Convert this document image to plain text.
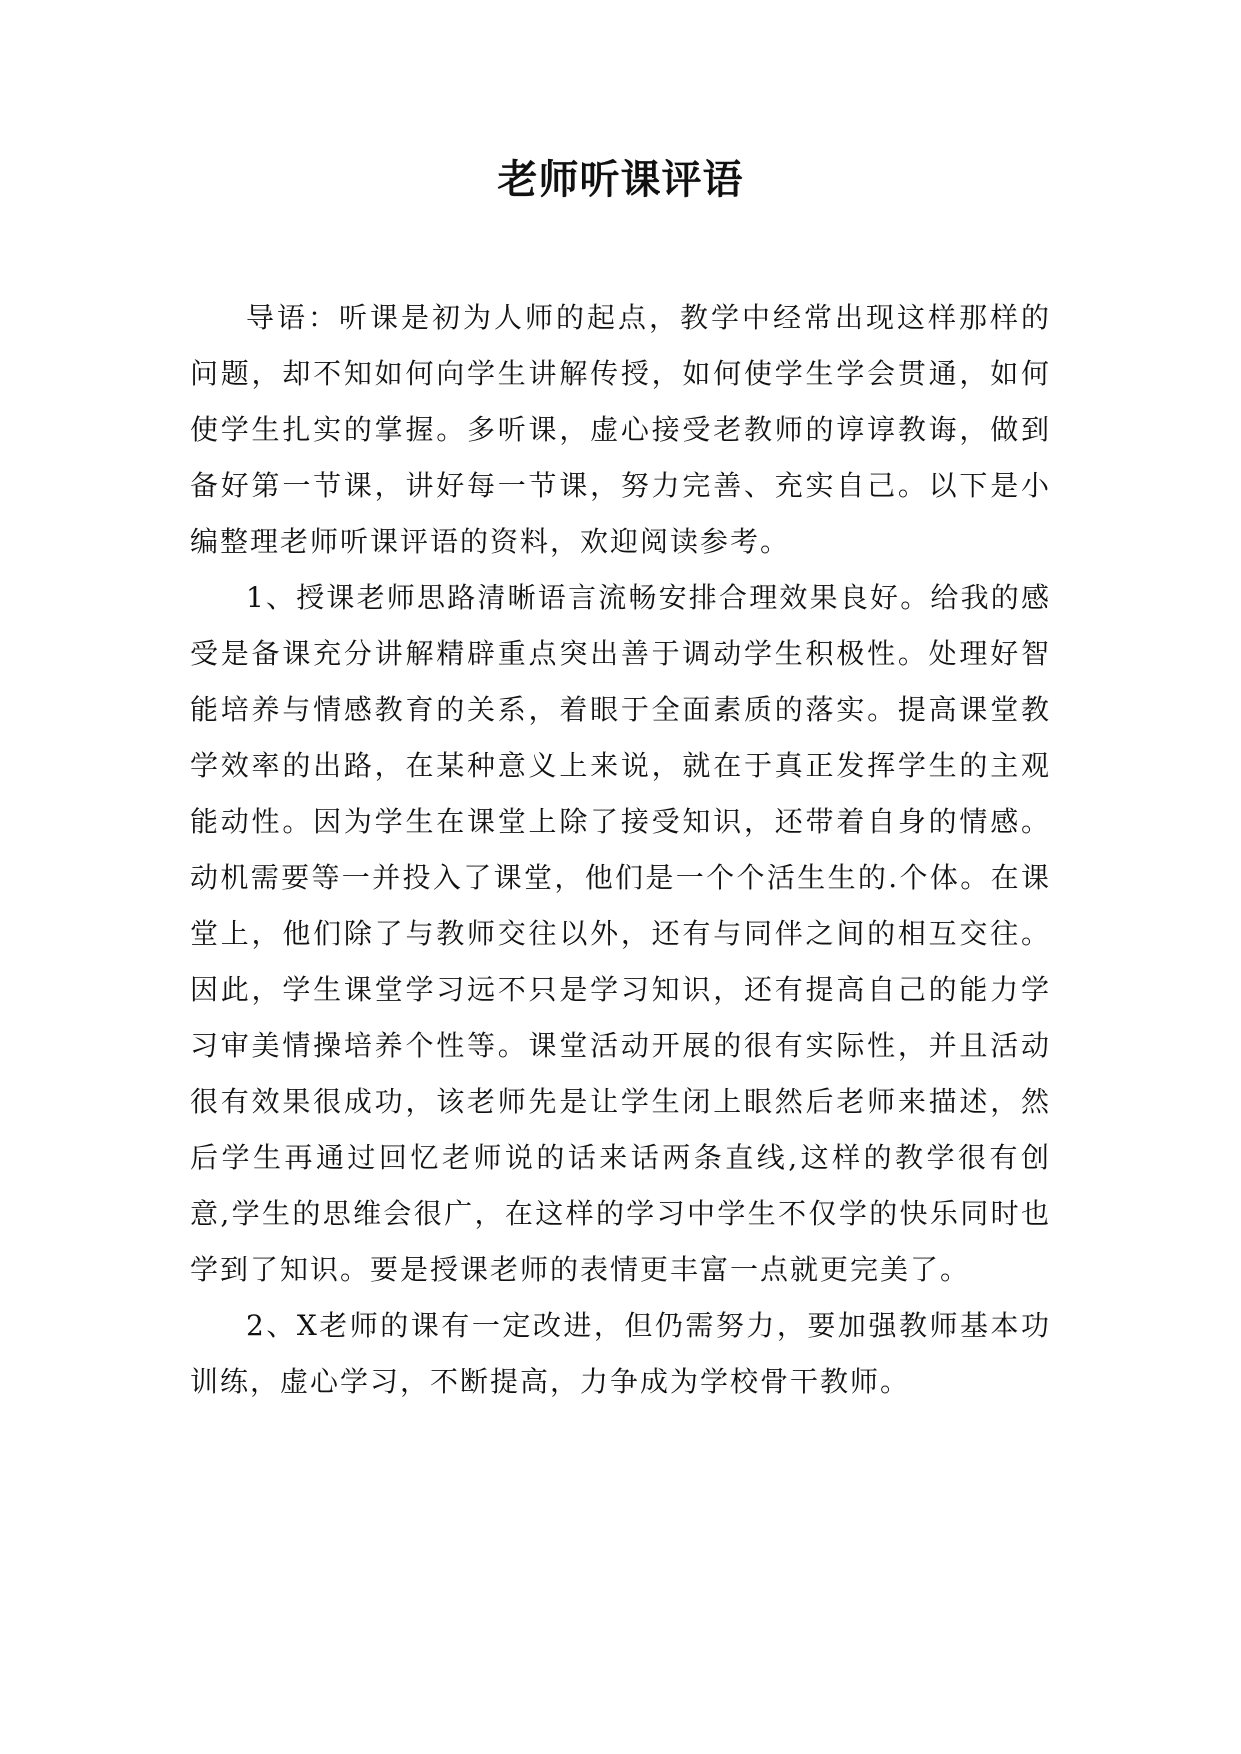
老师听课评语

导语：听课是初为人师的起点，教学中经常出现这样那样的问题，却不知如何向学生讲解传授，如何使学生学会贯通，如何使学生扎实的掌握。多听课，虚心接受老教师的谆谆教诲，做到备好第一节课，讲好每一节课，努力完善、充实自己。以下是小编整理老师听课评语的资料，欢迎阅读参考。

1、授课老师思路清晰语言流畅安排合理效果良好。给我的感受是备课充分讲解精辟重点突出善于调动学生积极性。处理好智能培养与情感教育的关系，着眼于全面素质的落实。提高课堂教学效率的出路，在某种意义上来说，就在于真正发挥学生的主观能动性。因为学生在课堂上除了接受知识，还带着自身的情感。动机需要等一并投入了课堂，他们是一个个活生生的.个体。在课堂上，他们除了与教师交往以外，还有与同伴之间的相互交往。因此，学生课堂学习远不只是学习知识，还有提高自己的能力学习审美情操培养个性等。课堂活动开展的很有实际性，并且活动很有效果很成功，该老师先是让学生闭上眼然后老师来描述，然后学生再通过回忆老师说的话来话两条直线,这样的教学很有创意,学生的思维会很广，在这样的学习中学生不仅学的快乐同时也学到了知识。要是授课老师的表情更丰富一点就更完美了。

2、X老师的课有一定改进，但仍需努力，要加强教师基本功训练，虚心学习，不断提高，力争成为学校骨干教师。
